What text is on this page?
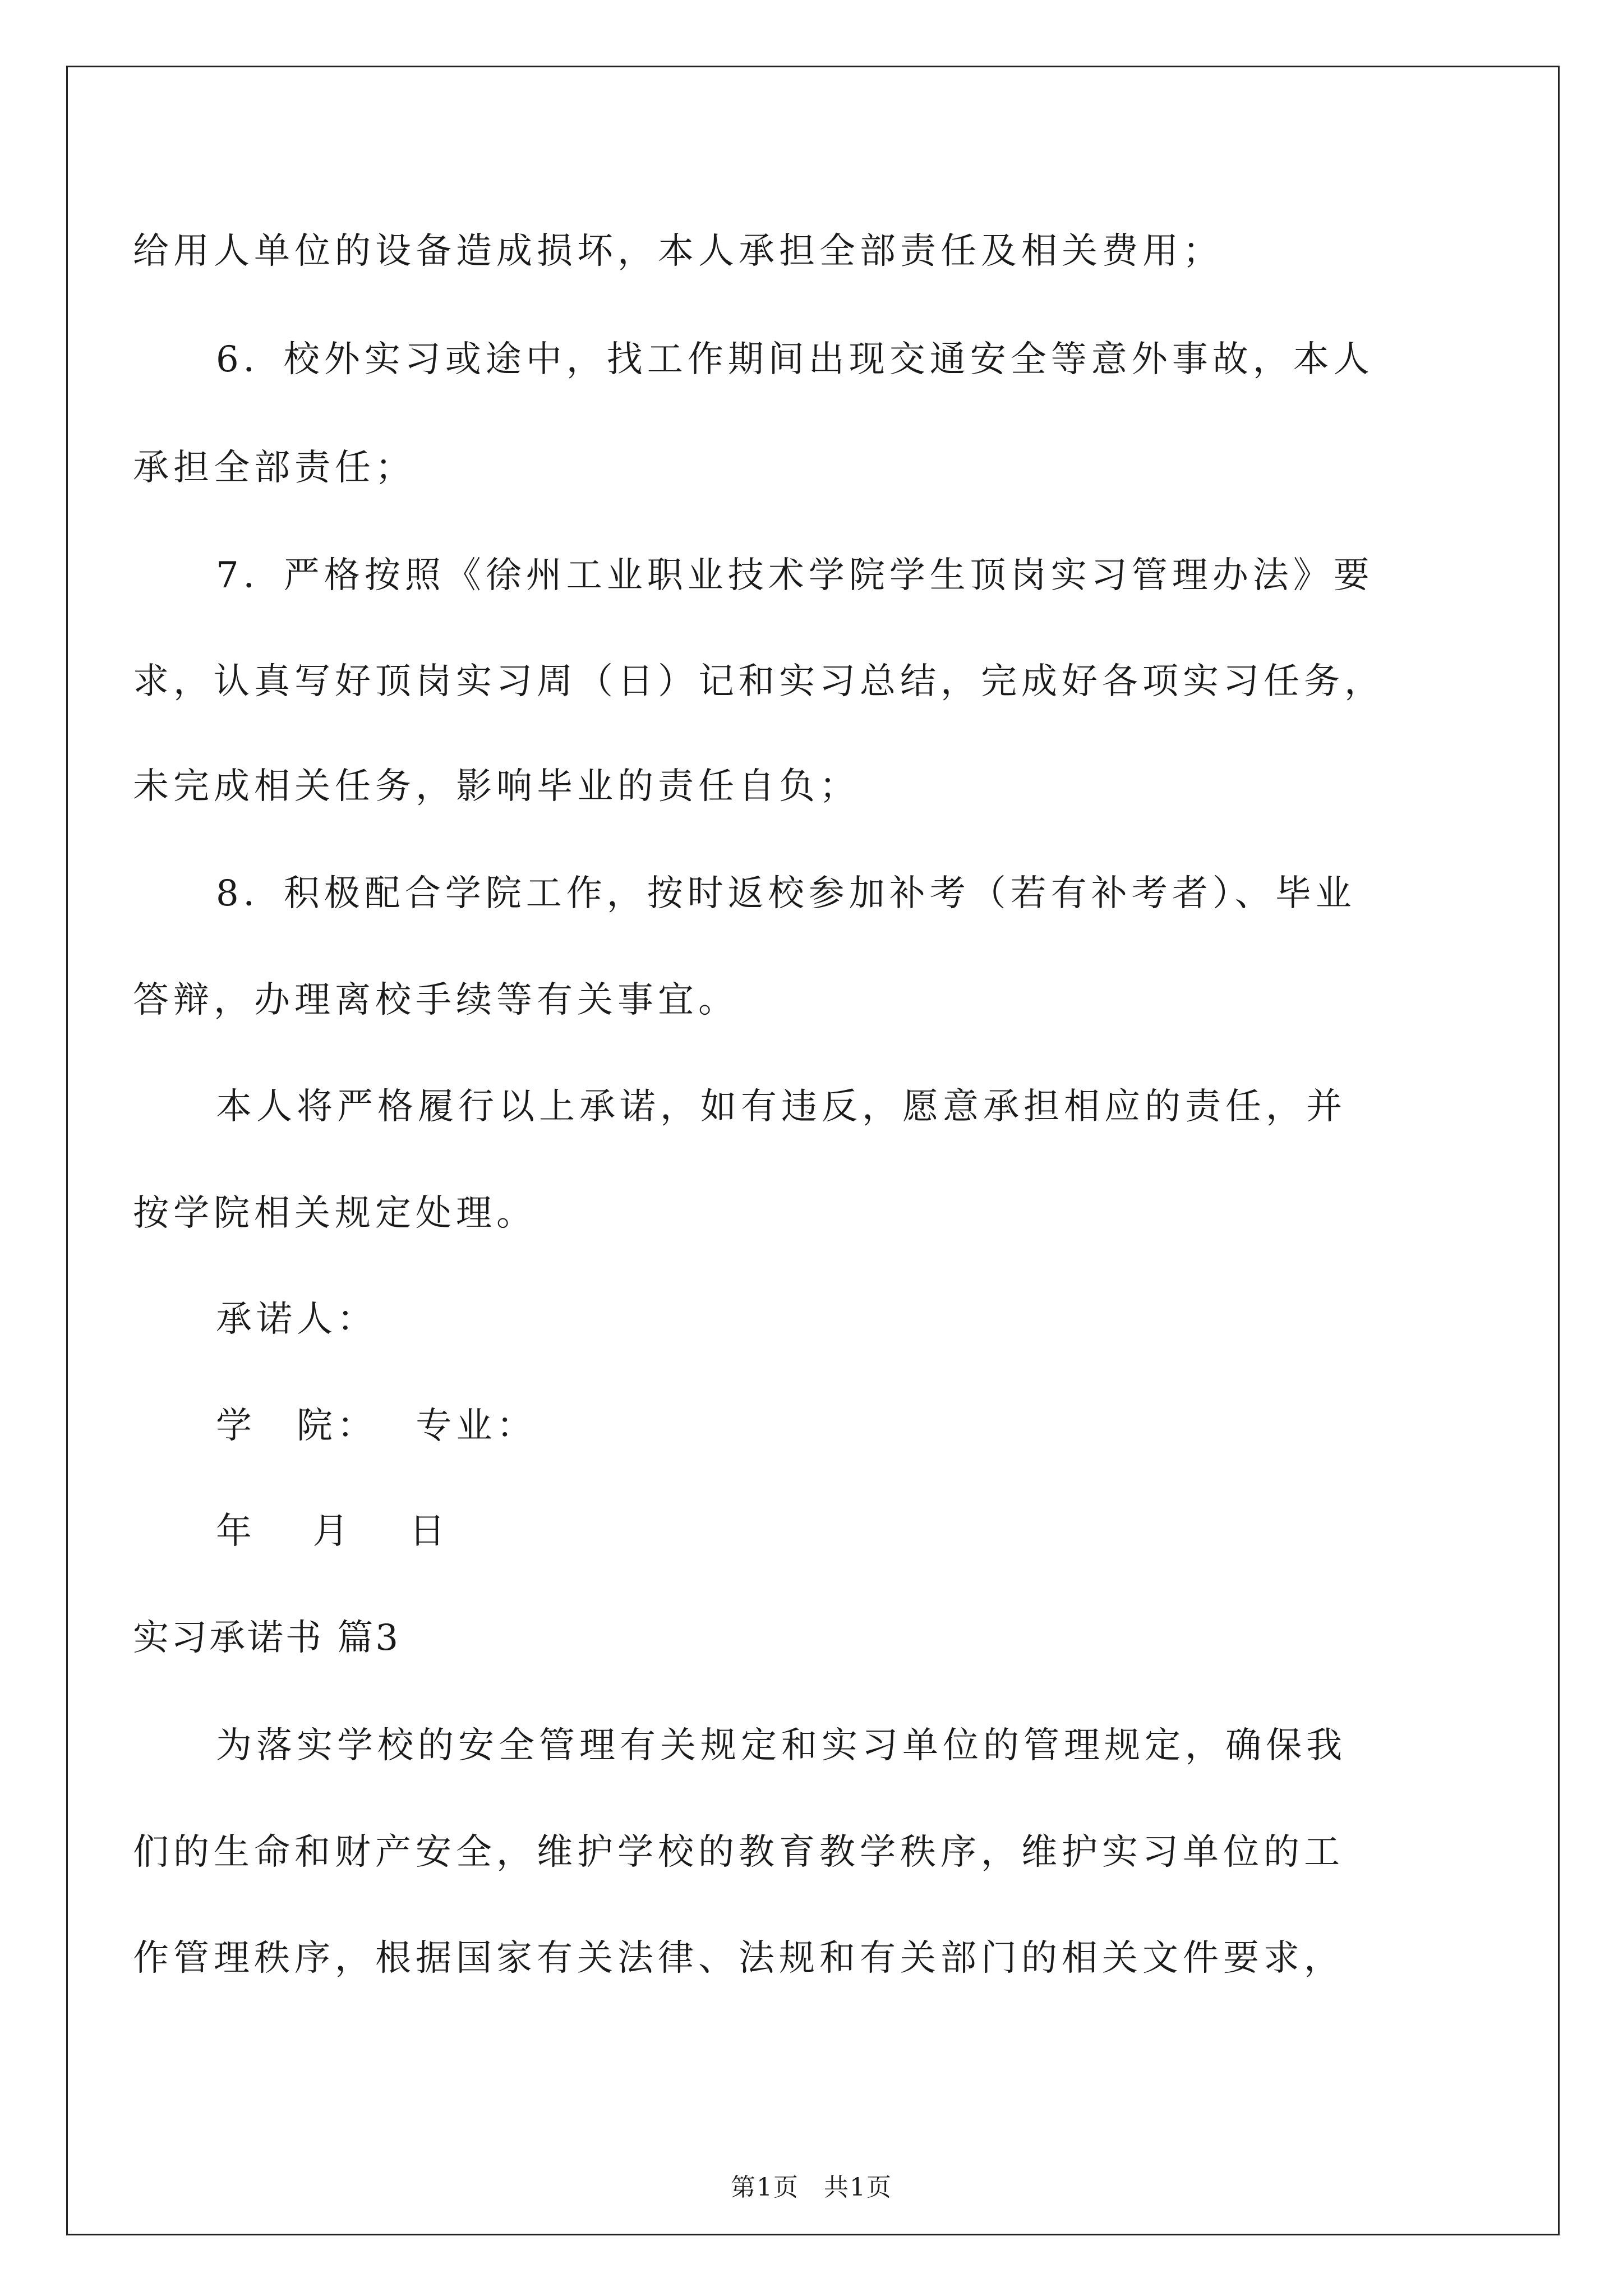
给用人单位的设备造成损坏，本人承担全部责任及相关费用；
6．校外实习或途中，找工作期间出现交通安全等意外事故，本人
承担全部责任；
7．严格按照《徐州工业职业技术学院学生顶岗实习管理办法》要
求，认真写好顶岗实习周（日）记和实习总结，完成好各项实习任务，
未完成相关任务，影响毕业的责任自负；
8．积极配合学院工作，按时返校参加补考（若有补考者）、毕业
答辩，办理离校手续等有关事宜。
本人将严格履行以上承诺，如有违反，愿意承担相应的责任，并
按学院相关规定处理。
承诺人：
学　院：　 专业：
年　 月　 日
实习承诺书 篇3
为落实学校的安全管理有关规定和实习单位的管理规定，确保我
们的生命和财产安全，维护学校的教育教学秩序，维护实习单位的工
作管理秩序，根据国家有关法律、法规和有关部门的相关文件要求，
第1页 共1页
